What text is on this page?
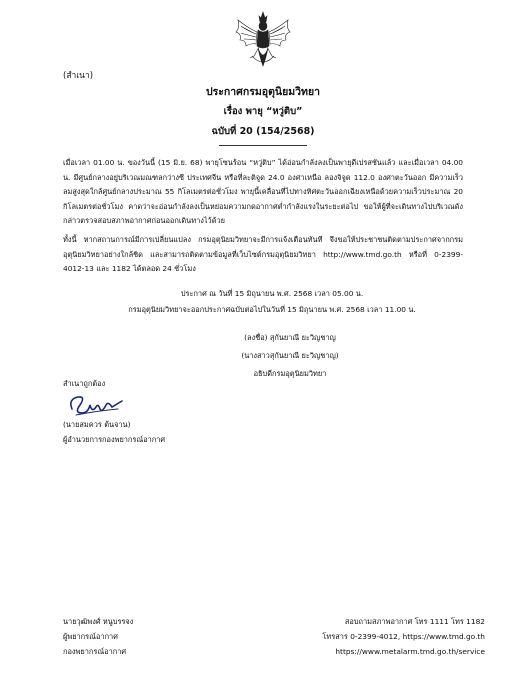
(สำเนา)
ประกาศกรมอุตุนิยมวิทยา
เรื่อง พายุ “หวู่ติบ”
ฉบับที่ 20 (154/2568)

เมื่อเวลา 01.00 น. ของวันนี้ (15 มิ.ย. 68) พายุโซนร้อน “หวู่ติบ” ได้อ่อนกำลังลงเป็นพายุดีเปรสชันแล้ว และเมื่อเวลา 04.00 น. มีศูนย์กลางอยู่บริเวณมณฑลกว่างซี ประเทศจีน หรือที่ละติจูด 24.0 องศาเหนือ ลองจิจูด 112.0 องศาตะวันออก มีความเร็วลมสูงสุดใกล้ศูนย์กลางประมาณ 55 กิโลเมตรต่อชั่วโมง พายุนี้เคลื่อนที่ไปทางทิศตะวันออกเฉียงเหนือด้วยความเร็วประมาณ 20 กิโลเมตรต่อชั่วโมง คาดว่าจะอ่อนกำลังลงเป็นหย่อมความกดอากาศต่ำกำลังแรงในระยะต่อไป ขอให้ผู้ที่จะเดินทางไปบริเวณดังกล่าวตรวจสอบสภาพอากาศก่อนออกเดินทางไว้ด้วย

ทั้งนี้ หากสถานการณ์มีการเปลี่ยนแปลง กรมอุตุนิยมวิทยาจะมีการแจ้งเตือนทันที จึงขอให้ประชาชนติดตามประกาศจากกรมอุตุนิยมวิทยาอย่างใกล้ชิด และสามารถติดตามข้อมูลที่เว็บไซต์กรมอุตุนิยมวิทยา http://www.tmd.go.th หรือที่ 0-2399-4012-13 และ 1182 ได้ตลอด 24 ชั่วโมง

ประกาศ ณ วันที่ 15 มิถุนายน พ.ศ. 2568 เวลา 05.00 น.
กรมอุตุนิยมวิทยาจะออกประกาศฉบับต่อไปในวันที่ 15 มิถุนายน พ.ศ. 2568 เวลา 11.00 น.
(ลงชื่อ) สุกันยาณี ยะวิญชาญ
(นางสาวสุกันยาณี ยะวิญชาญ)
อธิบดีกรมอุตุนิยมวิทยา
สำเนาถูกต้อง
(นายสมควร ต้นจาน)
ผู้อำนวยการกองพยากรณ์อากาศ
นายวุฒิพงศ์ หนูบรรจง
ผู้พยากรณ์อากาศ
กองพยากรณ์อากาศ
สอบถามสภาพอากาศ โทร 1111 โทร 1182
โทรสาร 0-2399-4012, https://www.tmd.go.th
https://www.metalarm.tmd.go.th/service
